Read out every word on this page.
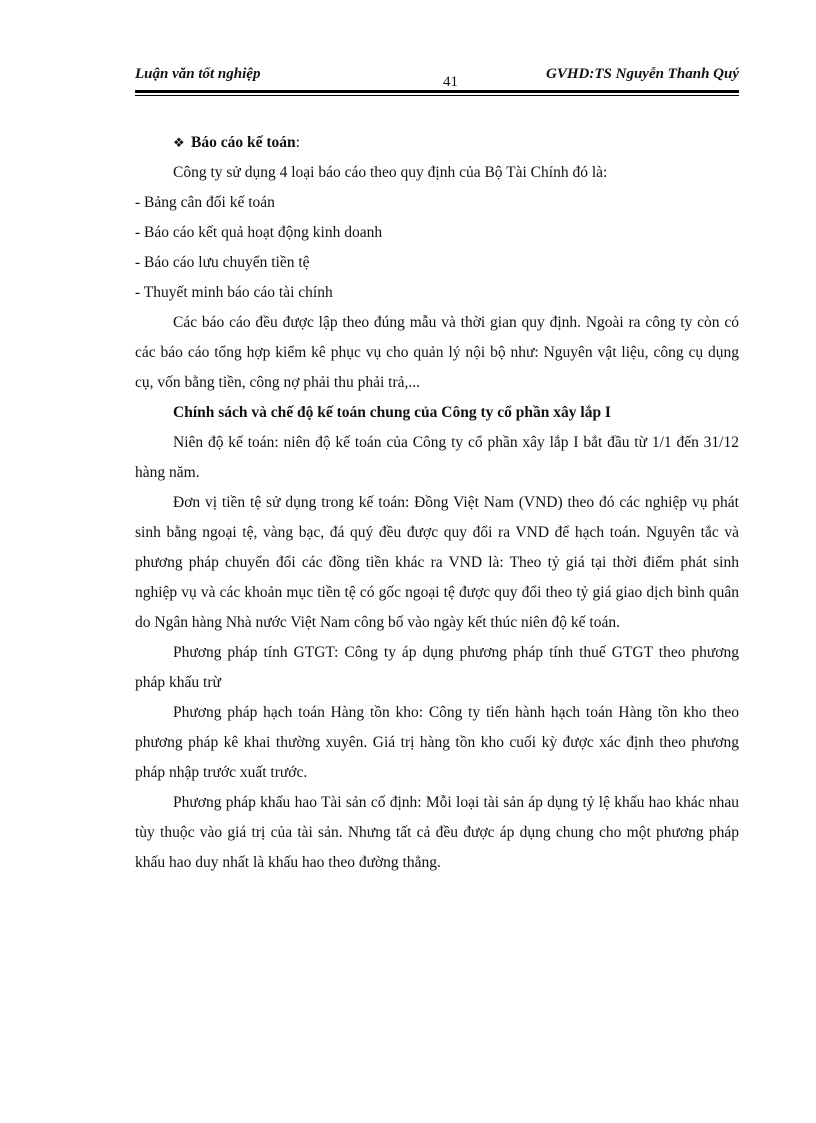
Luận văn tốt nghiệp	41	GVHD:TS Nguyễn Thanh Quý

❖ Báo cáo kế toán:

Công ty sử dụng 4 loại báo cáo theo quy định của Bộ Tài Chính đó là:

- Bảng cân đối kế toán

- Báo cáo kết quả hoạt động kinh doanh

- Báo cáo lưu chuyển tiền tệ

- Thuyết minh báo cáo tài chính

Các báo cáo đều được lập theo đúng mẫu và thời gian quy định. Ngoài ra công ty còn có các báo cáo tổng hợp kiểm kê phục vụ cho quản lý nội bộ như: Nguyên vật liệu, công cụ dụng cụ, vốn bằng tiền, công nợ phải thu phải trả,...

Chính sách và chế độ kế toán chung của Công ty cổ phần xây lắp I

Niên độ kế toán: niên độ kế toán của Công ty cổ phần xây lắp I bắt đầu từ 1/1 đến 31/12 hàng năm.

Đơn vị tiền tệ sử dụng trong kế toán: Đồng Việt Nam (VND) theo đó các nghiệp vụ phát sinh bằng ngoại tệ, vàng bạc, đá quý đều được quy đổi ra VND để hạch toán. Nguyên tắc và phương pháp chuyển đổi các đồng tiền khác ra VND là: Theo tỷ giá tại thời điểm phát sinh nghiệp vụ và các khoản mục tiền tệ có gốc ngoại tệ được quy đổi theo tỷ giá giao dịch bình quân do Ngân hàng Nhà nước Việt Nam công bố vào ngày kết thúc niên độ kế toán.

Phương pháp tính GTGT: Công ty áp dụng phương pháp tính thuế GTGT theo phương pháp khấu trừ

Phương pháp hạch toán Hàng tồn kho: Công ty tiến hành hạch toán Hàng tồn kho theo phương pháp kê khai thường xuyên. Giá trị hàng tồn kho cuối kỳ được xác định theo phương pháp nhập trước xuất trước.

Phương pháp khấu hao Tài sản cố định: Mỗi loại tài sản áp dụng tỷ lệ khấu hao khác nhau tùy thuộc vào giá trị của tài sản. Nhưng tất cả đều được áp dụng chung cho một phương pháp khấu hao duy nhất là khấu hao theo đường thẳng.
